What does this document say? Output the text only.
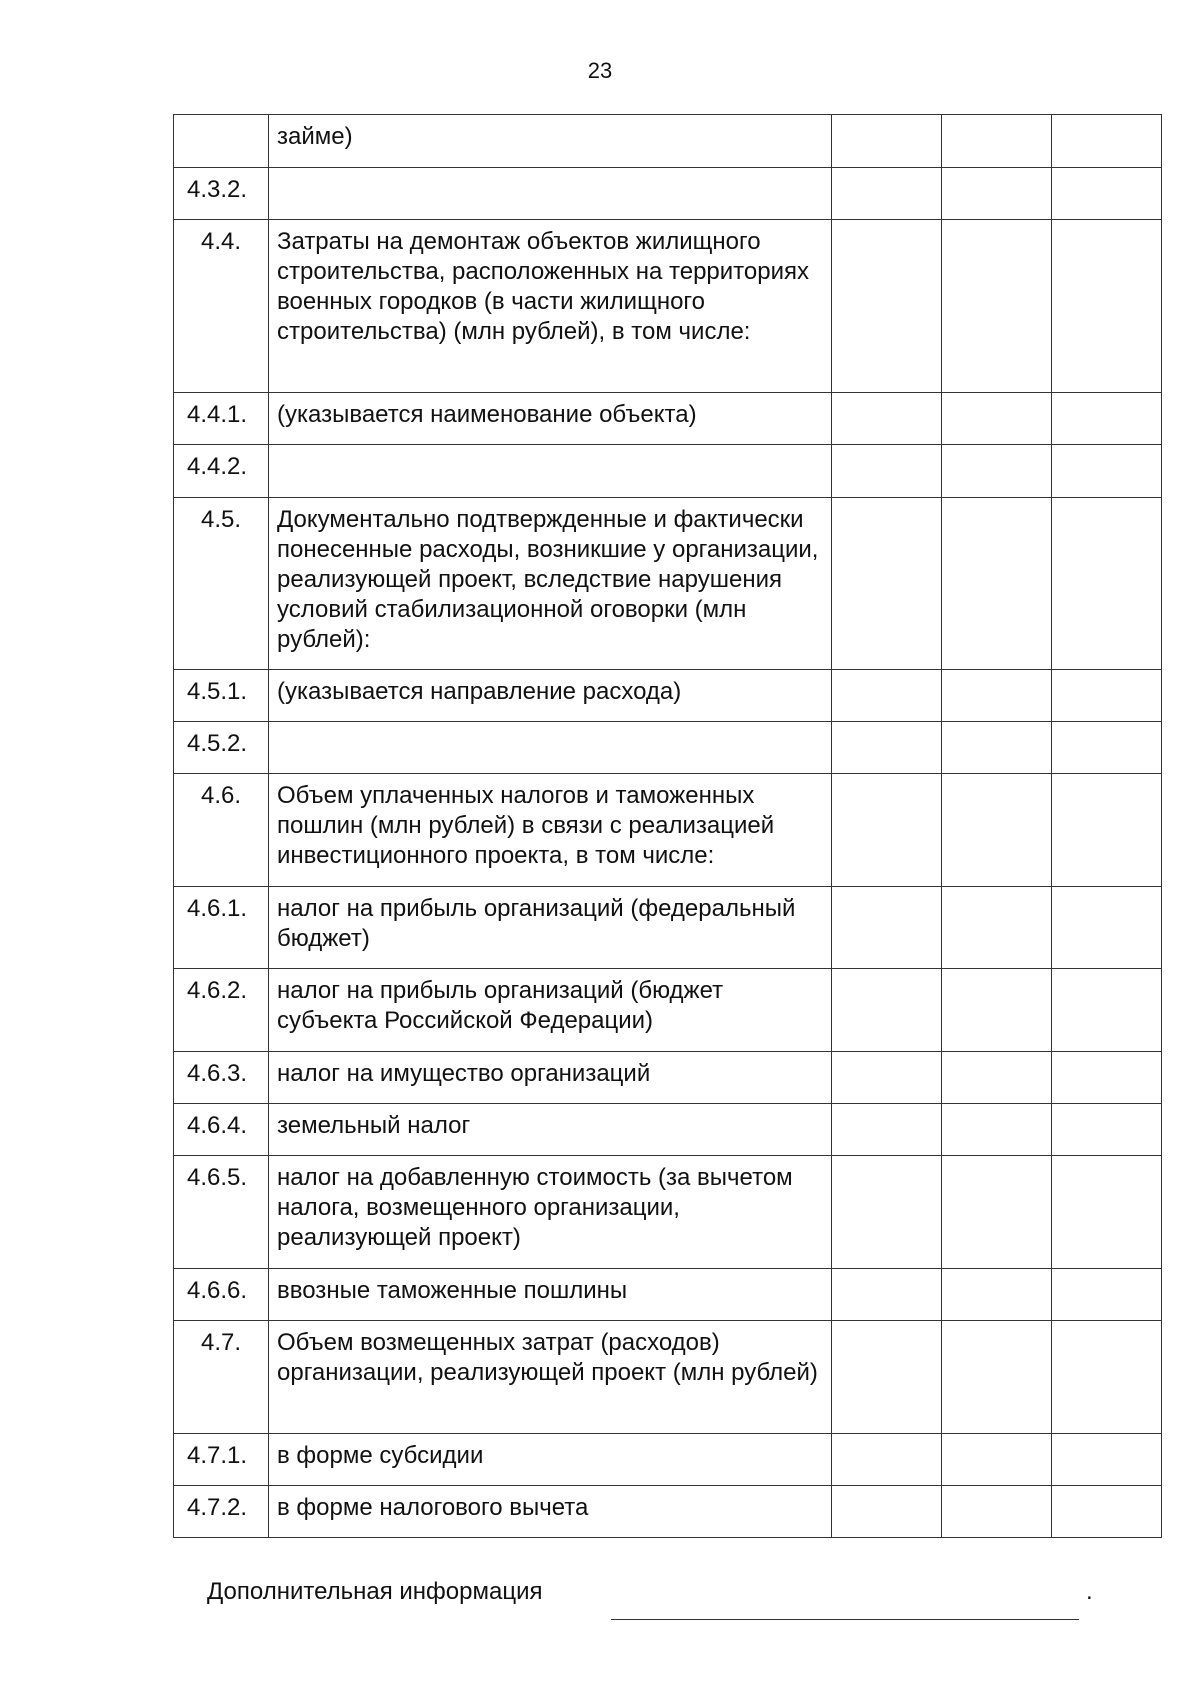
23
	займе)			
4.3.2.				
4.4.	Затраты на демонтаж объектов жилищного строительства, расположенных на территориях военных городков (в части жилищного строительства) (млн рублей), в том числе:			
4.4.1.	(указывается наименование объекта)			
4.4.2.				
4.5.	Документально подтвержденные и фактически понесенные расходы, возникшие у организации, реализующей проект, вследствие нарушения условий стабилизационной оговорки (млн рублей):			
4.5.1.	(указывается направление расхода)			
4.5.2.				
4.6.	Объем уплаченных налогов и таможенных пошлин (млн рублей) в связи с реализацией инвестиционного проекта, в том числе:			
4.6.1.	налог на прибыль организаций (федеральный бюджет)			
4.6.2.	налог на прибыль организаций (бюджет субъекта Российской Федерации)			
4.6.3.	налог на имущество организаций			
4.6.4.	земельный налог			
4.6.5.	налог на добавленную стоимость (за вычетом налога, возмещенного организации, реализующей проект)			
4.6.6.	ввозные таможенные пошлины			
4.7.	Объем возмещенных затрат (расходов) организации, реализующей проект (млн рублей)			
4.7.1.	в форме субсидии			
4.7.2.	в форме налогового вычета			
Дополнительная информация	.
